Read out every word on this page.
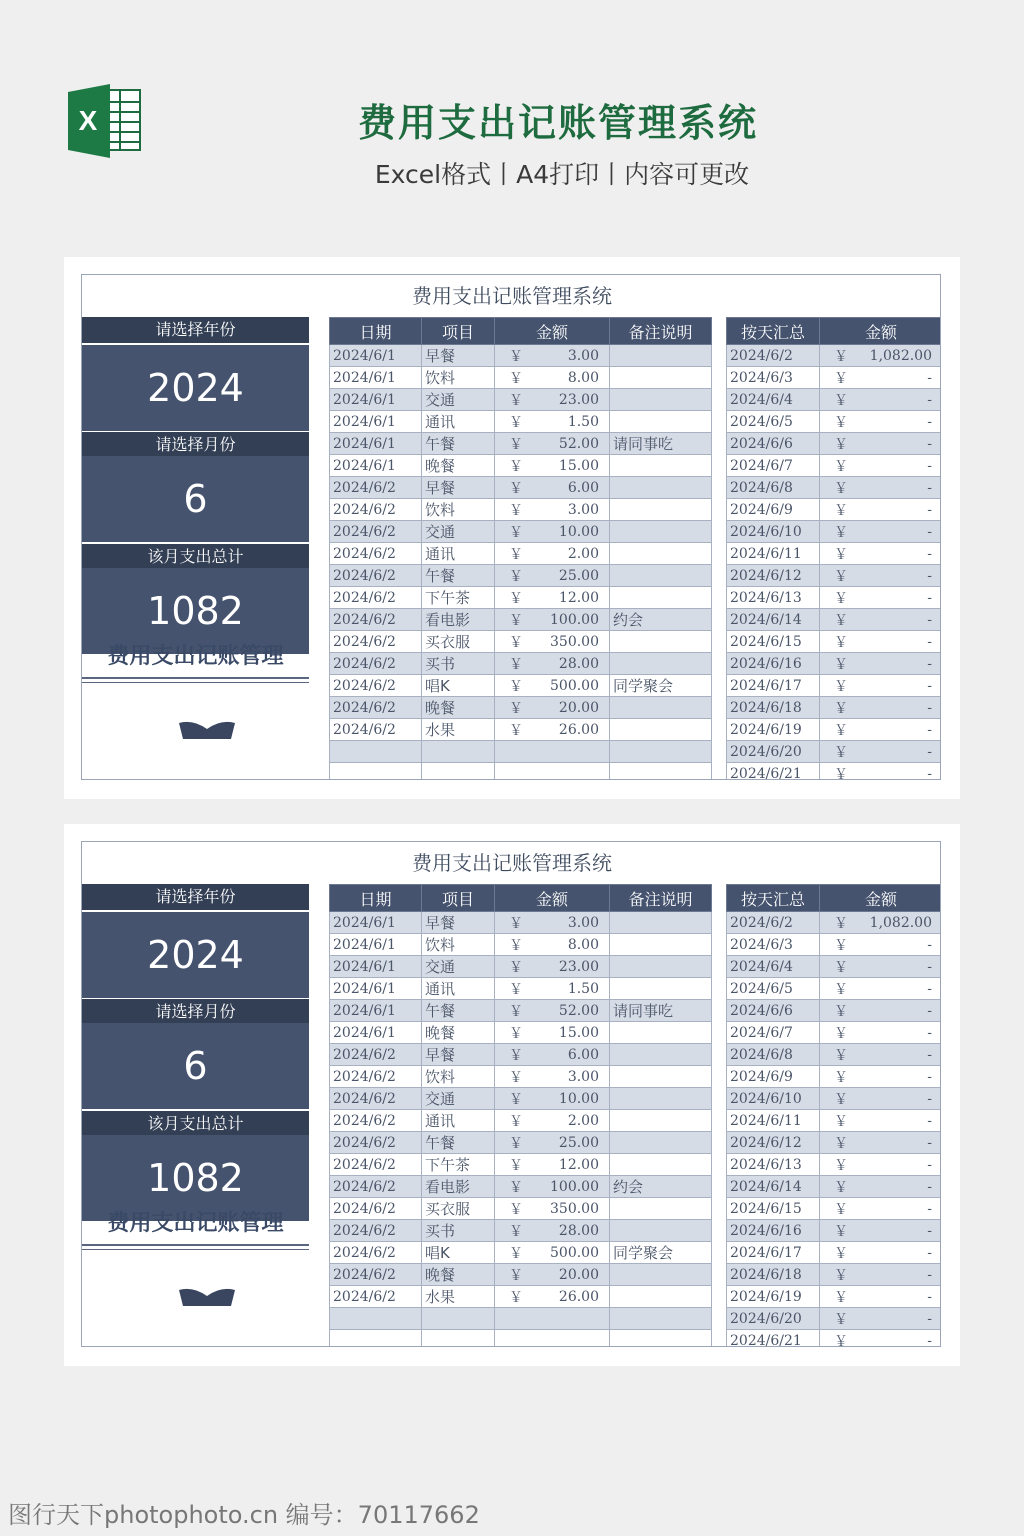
X	费用支出记账管理系统
Excel格式丨A4打印丨内容可更改
费用支出记账管理系统
请选择年份
2024
请选择月份
6
该月支出总计
1082
费用支出记账管理
日期	项目	金额	备注说明
2024/6/1	早餐	￥ 3.00	
2024/6/1	饮料	￥ 8.00	
2024/6/1	交通	￥ 23.00	
2024/6/1	通讯	￥ 1.50	
2024/6/1	午餐	￥ 52.00	请同事吃
2024/6/1	晚餐	￥ 15.00	
2024/6/2	早餐	￥ 6.00	
2024/6/2	饮料	￥ 3.00	
2024/6/2	交通	￥ 10.00	
2024/6/2	通讯	￥ 2.00	
2024/6/2	午餐	￥ 25.00	
2024/6/2	下午茶	￥ 12.00	
2024/6/2	看电影	￥ 100.00	约会
2024/6/2	买衣服	￥ 350.00	
2024/6/2	买书	￥ 28.00	
2024/6/2	唱K	￥ 500.00	同学聚会
2024/6/2	晚餐	￥ 20.00	
2024/6/2	水果	￥ 26.00	

按天汇总	金额
2024/6/2	￥ 1,082.00
2024/6/3	￥ -
2024/6/4	￥ -
2024/6/5	￥ -
2024/6/6	￥ -
2024/6/7	￥ -
2024/6/8	￥ -
2024/6/9	￥ -
2024/6/10	￥ -
2024/6/11	￥ -
2024/6/12	￥ -
2024/6/13	￥ -
2024/6/14	￥ -
2024/6/15	￥ -
2024/6/16	￥ -
2024/6/17	￥ -
2024/6/18	￥ -
2024/6/19	￥ -
2024/6/20	￥ -
2024/6/21	￥ -
费用支出记账管理系统
请选择年份
2024
请选择月份
6
该月支出总计
1082
费用支出记账管理
日期	项目	金额	备注说明
2024/6/1	早餐	￥ 3.00	
2024/6/1	饮料	￥ 8.00	
2024/6/1	交通	￥ 23.00	
2024/6/1	通讯	￥ 1.50	
2024/6/1	午餐	￥ 52.00	请同事吃
2024/6/1	晚餐	￥ 15.00	
2024/6/2	早餐	￥ 6.00	
2024/6/2	饮料	￥ 3.00	
2024/6/2	交通	￥ 10.00	
2024/6/2	通讯	￥ 2.00	
2024/6/2	午餐	￥ 25.00	
2024/6/2	下午茶	￥ 12.00	
2024/6/2	看电影	￥ 100.00	约会
2024/6/2	买衣服	￥ 350.00	
2024/6/2	买书	￥ 28.00	
2024/6/2	唱K	￥ 500.00	同学聚会
2024/6/2	晚餐	￥ 20.00	
2024/6/2	水果	￥ 26.00	

按天汇总	金额
2024/6/2	￥ 1,082.00
2024/6/3	￥ -
2024/6/4	￥ -
2024/6/5	￥ -
2024/6/6	￥ -
2024/6/7	￥ -
2024/6/8	￥ -
2024/6/9	￥ -
2024/6/10	￥ -
2024/6/11	￥ -
2024/6/12	￥ -
2024/6/13	￥ -
2024/6/14	￥ -
2024/6/15	￥ -
2024/6/16	￥ -
2024/6/17	￥ -
2024/6/18	￥ -
2024/6/19	￥ -
2024/6/20	￥ -
2024/6/21	￥ -
图行天下photophoto.cn 编号：70117662
